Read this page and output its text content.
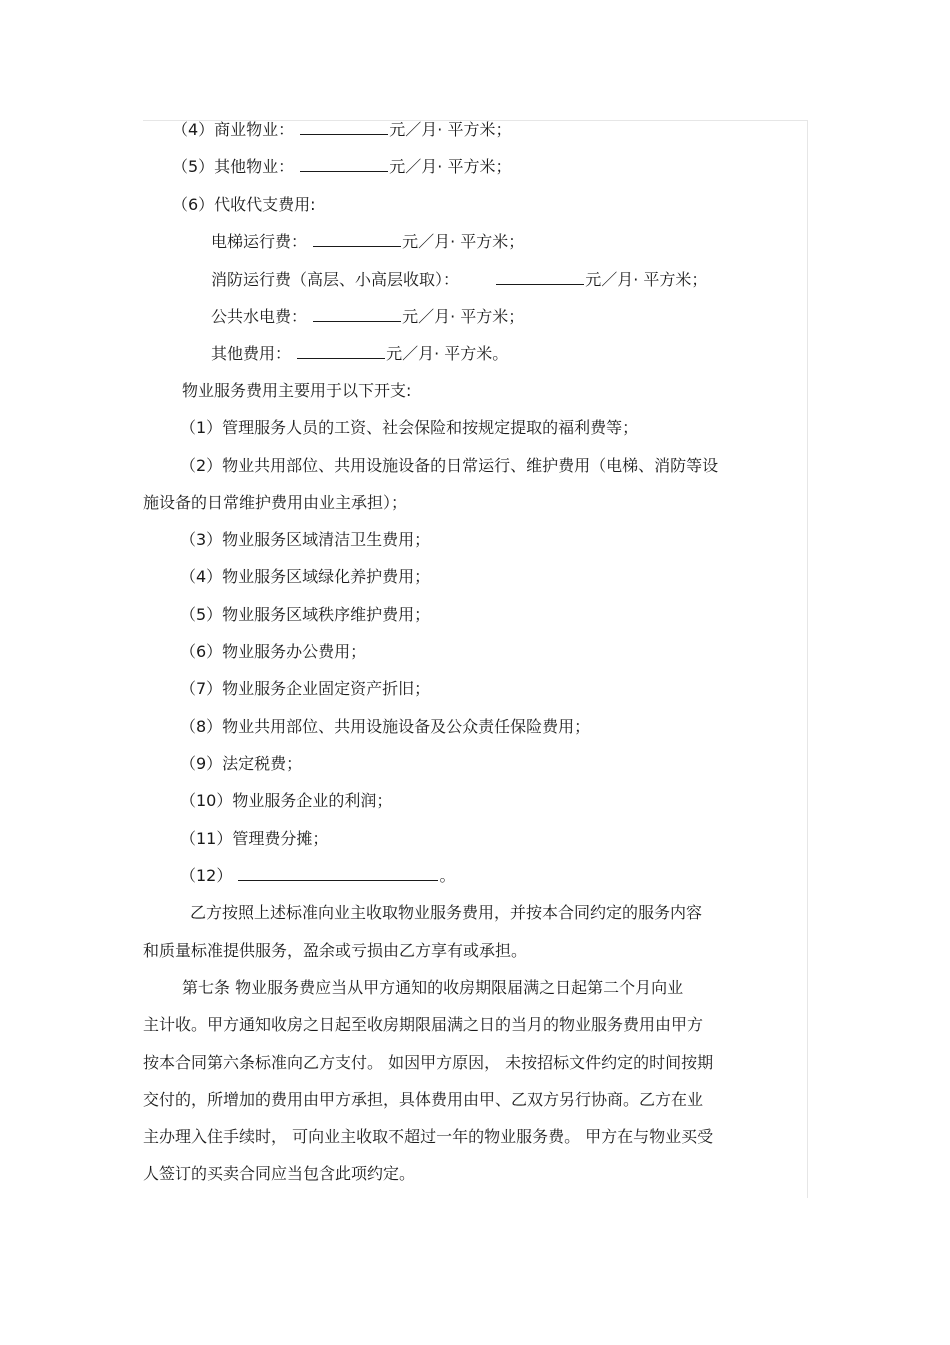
（4）商业物业：	元／月· 平方米；
（5）其他物业：	元／月· 平方米；
（6）代收代支费用:
电梯运行费：	元／月· 平方米；
消防运行费（高层、小高层收取）：	元／月· 平方米；
公共水电费：	元／月· 平方米；
其他费用：	元／月· 平方米。
物业服务费用主要用于以下开支:
（1）管理服务人员的工资、社会保险和按规定提取的福利费等；
（2）物业共用部位、共用设施设备的日常运行、维护费用（电梯、消防等设
施设备的日常维护费用由业主承担）；
（3）物业服务区域清洁卫生费用；
（4）物业服务区域绿化养护费用；
（5）物业服务区域秩序维护费用；
（6）物业服务办公费用；
（7）物业服务企业固定资产折旧；
（8）物业共用部位、共用设施设备及公众责任保险费用；
（9）法定税费；
（10）物业服务企业的利润；
（11）管理费分摊；
（12）	。
乙方按照上述标准向业主收取物业服务费用，并按本合同约定的服务内容
和质量标准提供服务，盈余或亏损由乙方享有或承担。
第七条 物业服务费应当从甲方通知的收房期限届满之日起第二个月向业
主计收。甲方通知收房之日起至收房期限届满之日的当月的物业服务费用由甲方
按本合同第六条标准向乙方支付。 如因甲方原因， 未按招标文件约定的时间按期
交付的，所增加的费用由甲方承担，具体费用由甲、乙双方另行协商。乙方在业
主办理入住手续时， 可向业主收取不超过一年的物业服务费。 甲方在与物业买受
人签订的买卖合同应当包含此项约定。
